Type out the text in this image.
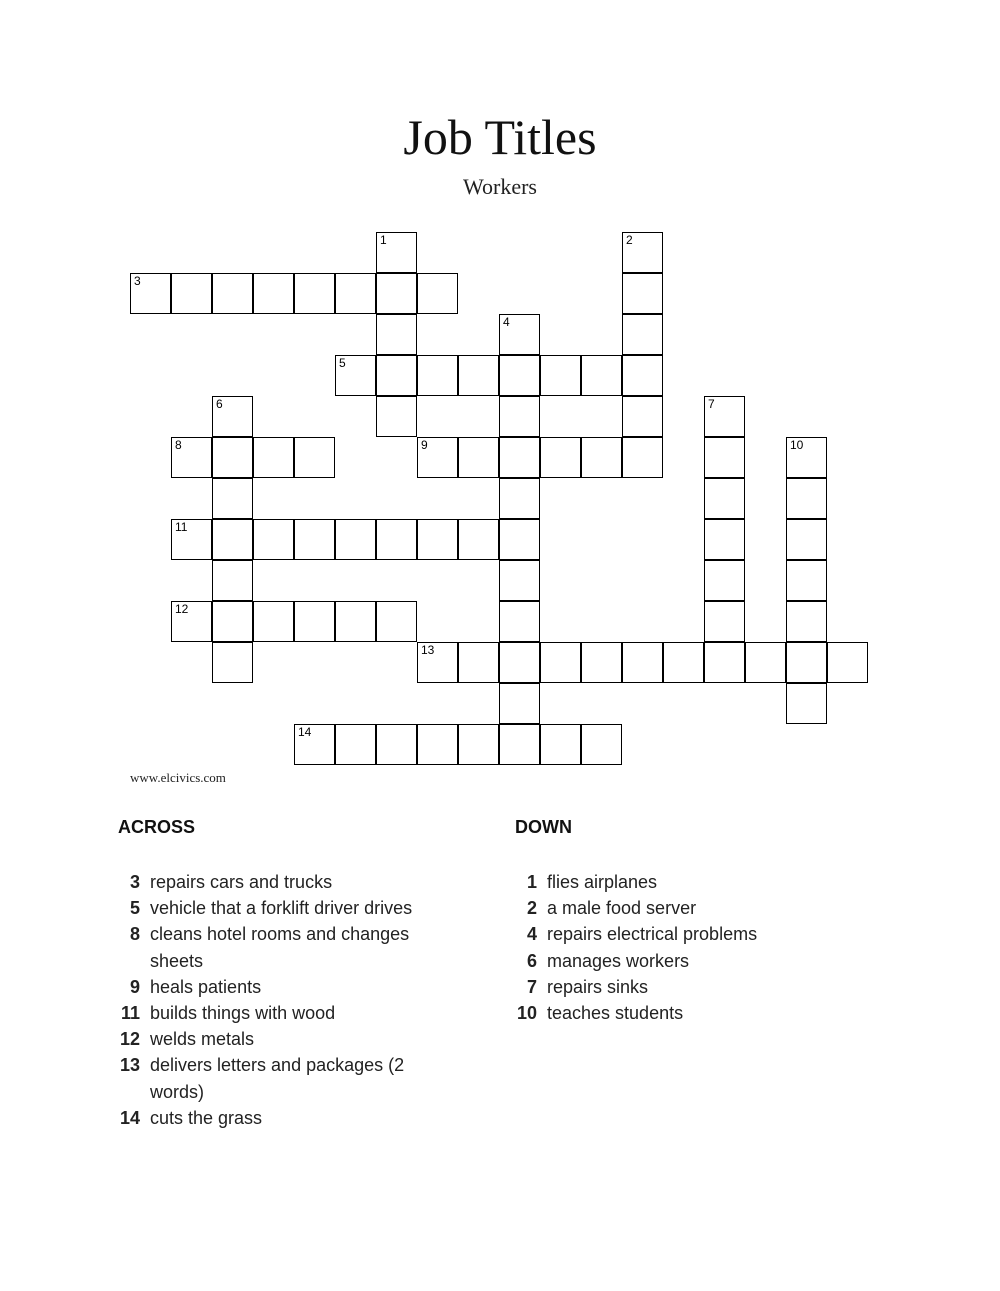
Job Titles
Workers
1	2
3
4
5
6	7
8	9	10
11
12
13
14
www.elcivics.com
ACROSS
3 repairs cars and trucks
5 vehicle that a forklift driver drives
8 cleans hotel rooms and changes sheets
9 heals patients
11 builds things with wood
12 welds metals
13 delivers letters and packages (2 words)
14 cuts the grass
DOWN
1 flies airplanes
2 a male food server
4 repairs electrical problems
6 manages workers
7 repairs sinks
10 teaches students
